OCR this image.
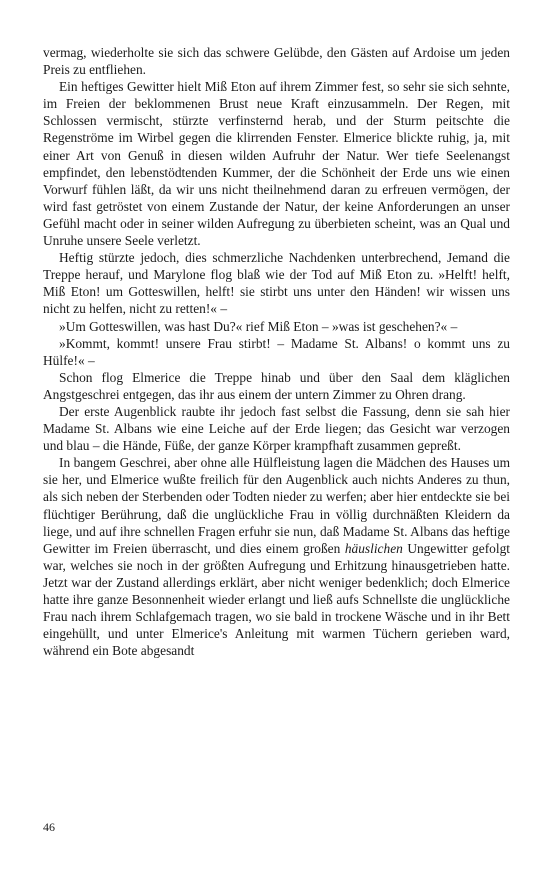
vermag, wiederholte sie sich das schwere Gelübde, den Gästen auf Ardoise um jeden Preis zu entfliehen.

Ein heftiges Gewitter hielt Miß Eton auf ihrem Zimmer fest, so sehr sie sich sehnte, im Freien der beklommenen Brust neue Kraft einzusammeln. Der Regen, mit Schlossen vermischt, stürzte verfinsternd herab, und der Sturm peitschte die Regenströme im Wirbel gegen die klirrenden Fenster. Elmerice blickte ruhig, ja, mit einer Art von Genuß in diesen wilden Aufruhr der Natur. Wer tiefe Seelenangst empfindet, den lebenstödtenden Kummer, der die Schönheit der Erde uns wie einen Vorwurf fühlen läßt, da wir uns nicht theilnehmend daran zu erfreuen vermögen, der wird fast getröstet von einem Zustande der Natur, der keine Anforderungen an unser Gefühl macht oder in seiner wilden Aufregung zu überbieten scheint, was an Qual und Unruhe unsere Seele verletzt.

Heftig stürzte jedoch, dies schmerzliche Nachdenken unterbrechend, Jemand die Treppe herauf, und Marylone flog blaß wie der Tod auf Miß Eton zu. »Helft! helft, Miß Eton! um Gotteswillen, helft! sie stirbt uns unter den Händen! wir wissen uns nicht zu helfen, nicht zu retten!« –

»Um Gotteswillen, was hast Du?« rief Miß Eton – »was ist geschehen?« –

»Kommt, kommt! unsere Frau stirbt! – Madame St. Albans! o kommt uns zu Hülfe!« –

Schon flog Elmerice die Treppe hinab und über den Saal dem kläglichen Angstgeschrei entgegen, das ihr aus einem der untern Zimmer zu Ohren drang.

Der erste Augenblick raubte ihr jedoch fast selbst die Fassung, denn sie sah hier Madame St. Albans wie eine Leiche auf der Erde liegen; das Gesicht war verzogen und blau – die Hände, Füße, der ganze Körper krampfhaft zusammen gepreßt.

In bangem Geschrei, aber ohne alle Hülfleistung lagen die Mädchen des Hauses um sie her, und Elmerice wußte freilich für den Augenblick auch nichts Anderes zu thun, als sich neben der Sterbenden oder Todten nieder zu werfen; aber hier entdeckte sie bei flüchtiger Berührung, daß die unglückliche Frau in völlig durchnäßten Kleidern da liege, und auf ihre schnellen Fragen erfuhr sie nun, daß Madame St. Albans das heftige Gewitter im Freien überrascht, und dies einem großen häuslichen Ungewitter gefolgt war, welches sie noch in der größten Aufregung und Erhitzung hinausgetrieben hatte. Jetzt war der Zustand allerdings erklärt, aber nicht weniger bedenklich; doch Elmerice hatte ihre ganze Besonnenheit wieder erlangt und ließ aufs Schnellste die unglückliche Frau nach ihrem Schlafgemach tragen, wo sie bald in trockene Wäsche und in ihr Bett eingehüllt, und unter Elmerice's Anleitung mit warmen Tüchern gerieben ward, während ein Bote abgesandt

46
